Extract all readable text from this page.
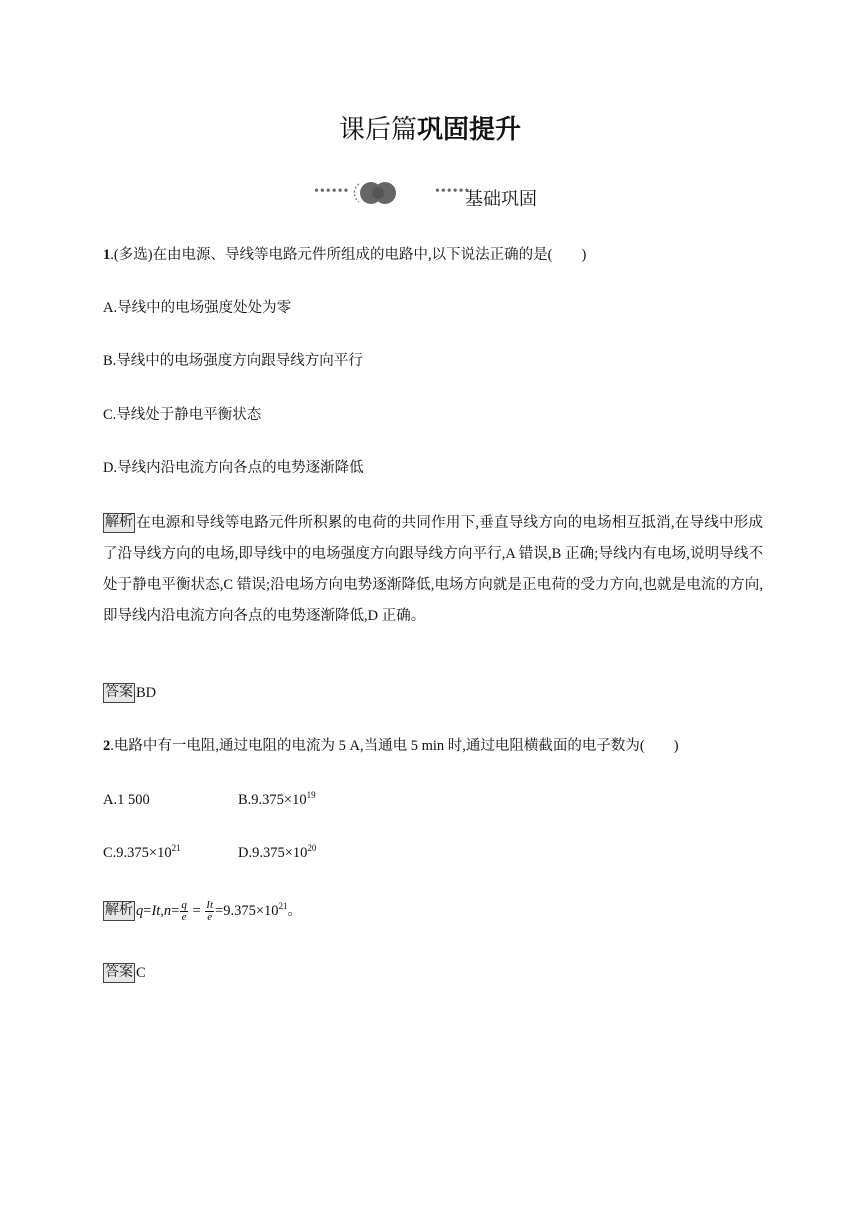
课后篇巩固提升
••••••	••••••
基础巩固
1.(多选)在由电源、导线等电路元件所组成的电路中,以下说法正确的是(　　)
A.导线中的电场强度处处为零
B.导线中的电场强度方向跟导线方向平行
C.导线处于静电平衡状态
D.导线内沿电流方向各点的电势逐渐降低
解析 在电源和导线等电路元件所积累的电荷的共同作用下,垂直导线方向的电场相互抵消,在导线中形成了沿导线方向的电场,即导线中的电场强度方向跟导线方向平行,A 错误,B 正确;导线内有电场,说明导线不处于静电平衡状态,C 错误;沿电场方向电势逐渐降低,电场方向就是正电荷的受力方向,也就是电流的方向,即导线内沿电流方向各点的电势逐渐降低,D 正确。
答案 BD
2.电路中有一电阻,通过电阻的电流为 5 A,当通电 5 min 时,通过电阻横截面的电子数为(　　)
A.1 500	$B.9.375\times 10^{19}$
$C.9.375\times 10^{21}$	$D.9.375\times 10^{20}$
解析 $q=It,n= \frac{q}{e} = \frac{It}{e} =9.375\times 10^{21}$。
答案 C
